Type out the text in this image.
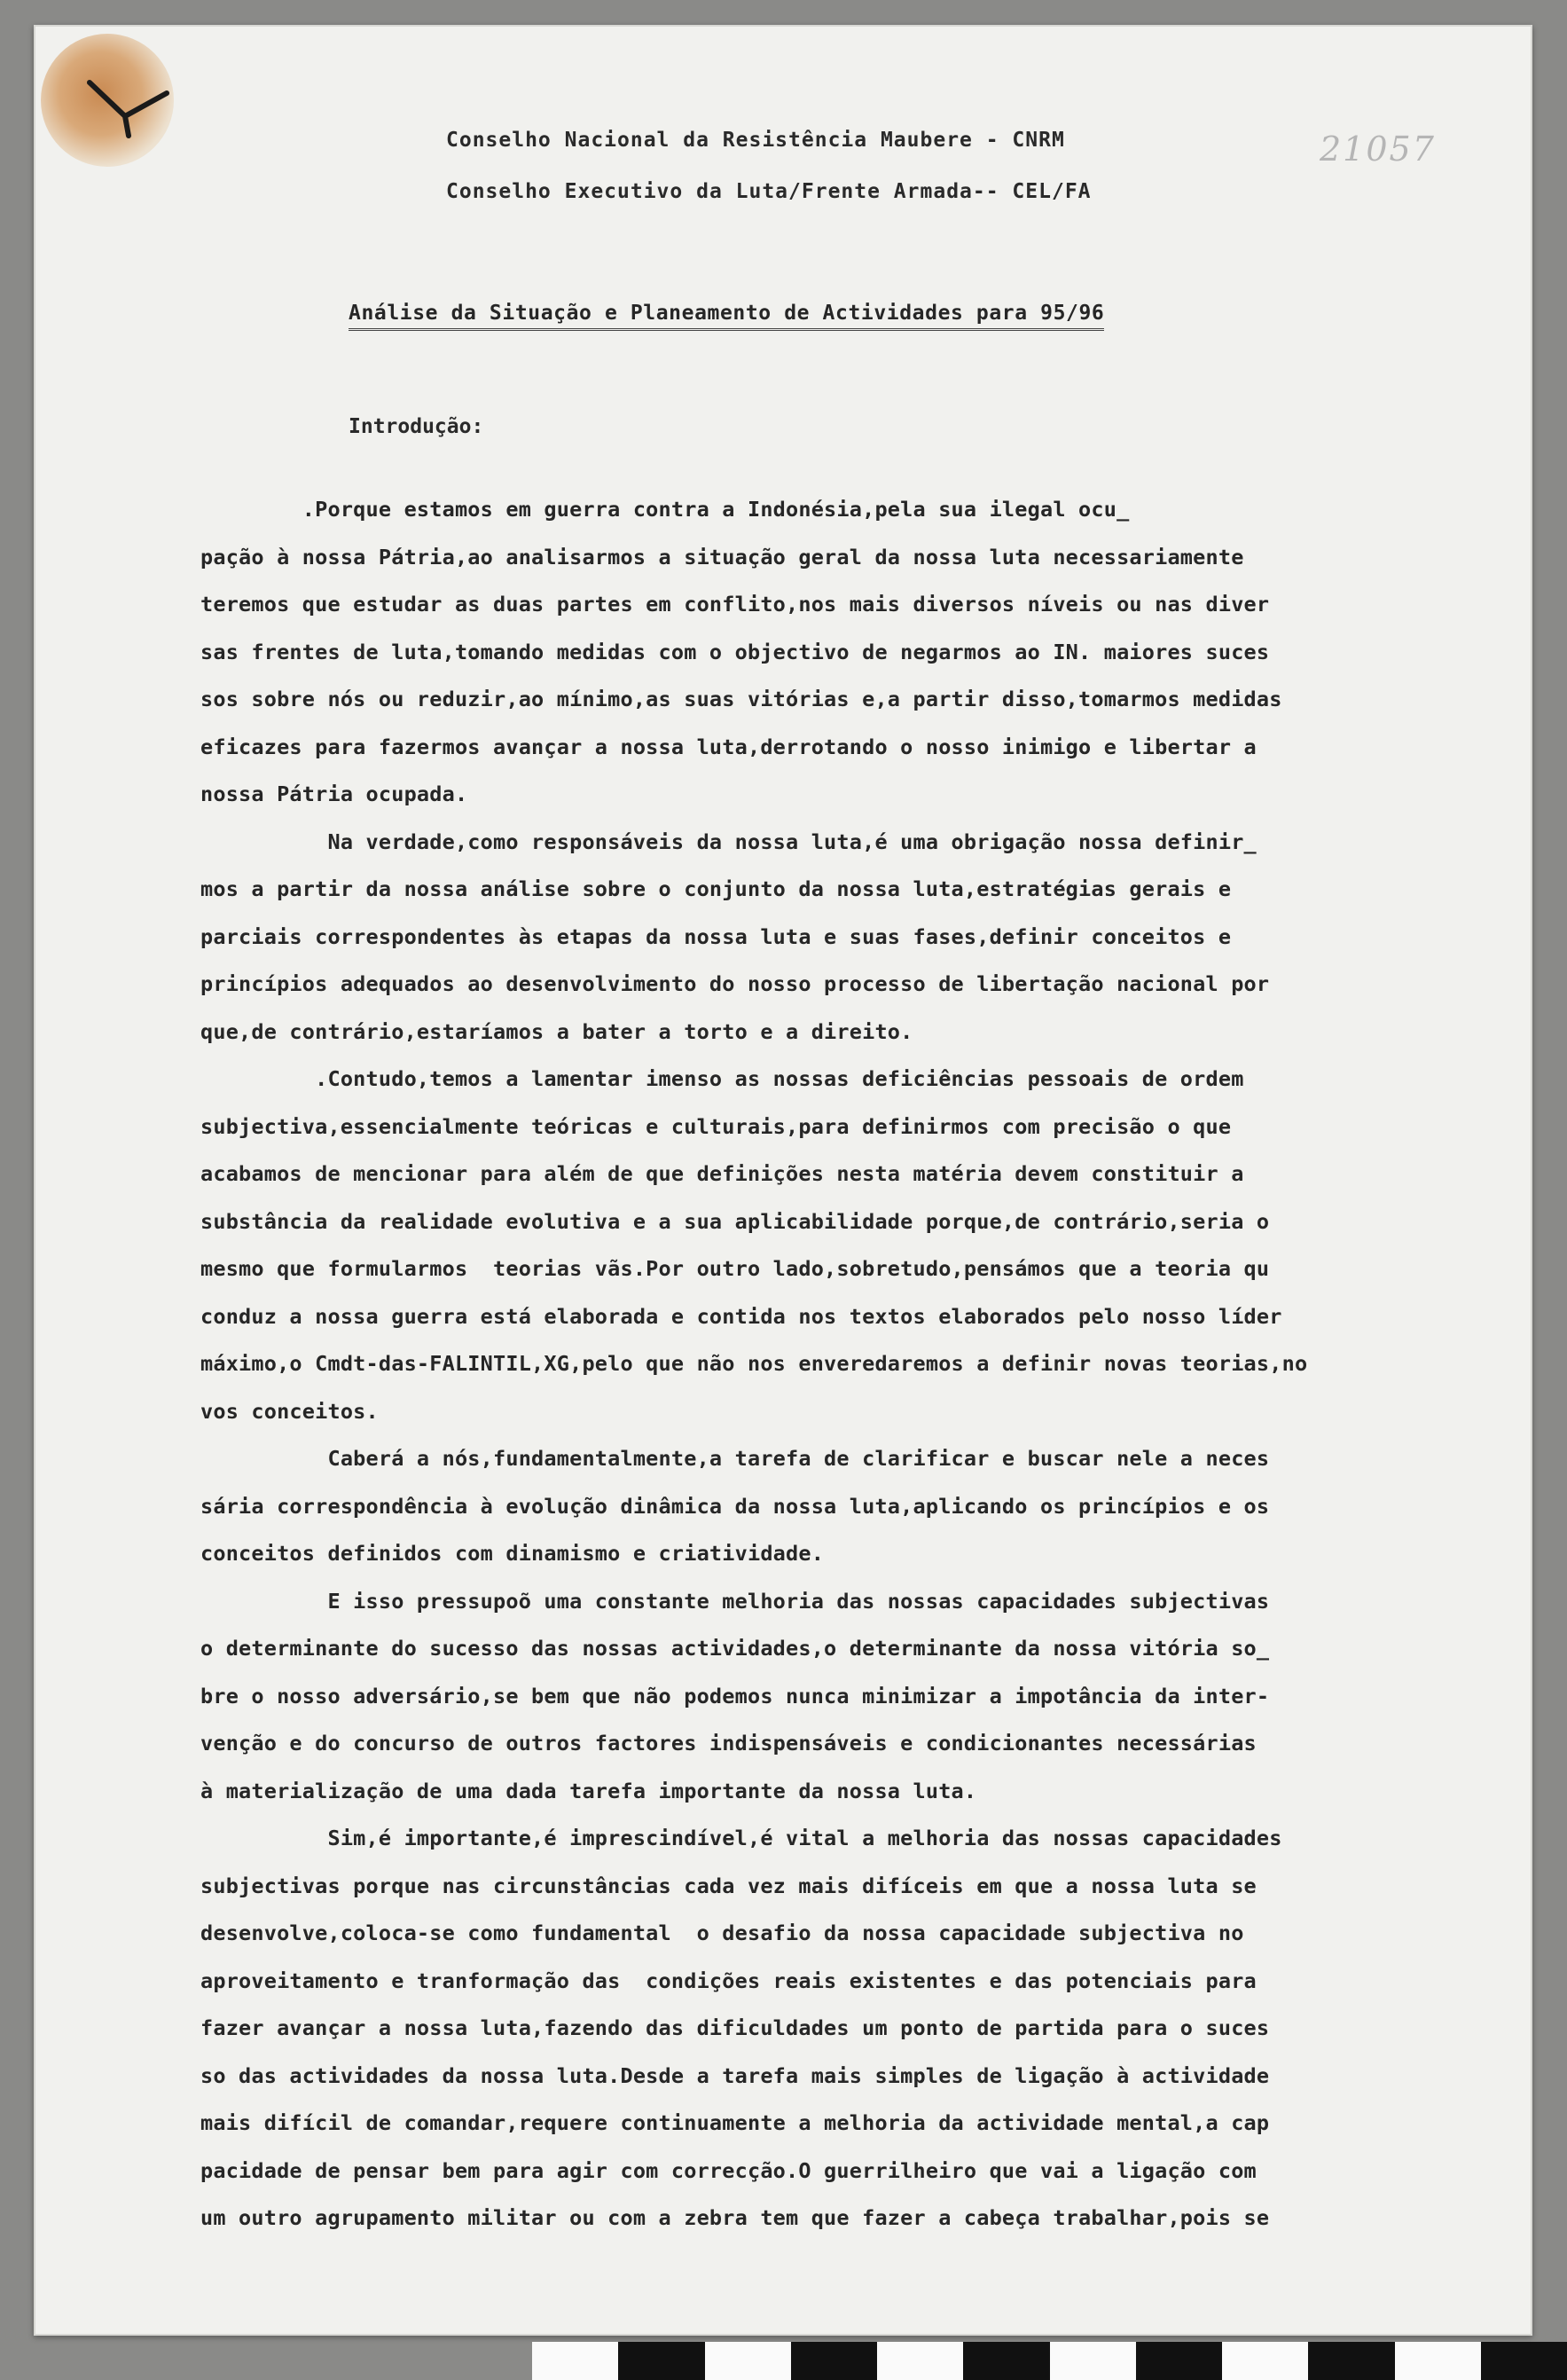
21057
Conselho Nacional da Resistência Maubere - CNRM
Conselho Executivo da Luta/Frente Armada-- CEL/FA
Análise da Situação e Planeamento de Actividades para 95/96
Introdução:
.Porque estamos em guerra contra a Indonésia,pela sua ilegal ocu_
pação à nossa Pátria,ao analisarmos a situação geral da nossa luta necessariamente
teremos que estudar as duas partes em conflito,nos mais diversos níveis ou nas diver
sas frentes de luta,tomando medidas com o objectivo de negarmos ao IN. maiores suces
sos sobre nós ou reduzir,ao mínimo,as suas vitórias e,a partir disso,tomarmos medidas
eficazes para fazermos avançar a nossa luta,derrotando o nosso inimigo e libertar a
nossa Pátria ocupada.
Na verdade,como responsáveis da nossa luta,é uma obrigação nossa definir_
mos a partir da nossa análise sobre o conjunto da nossa luta,estratégias gerais e
parciais correspondentes às etapas da nossa luta e suas fases,definir conceitos e
princípios adequados ao desenvolvimento do nosso processo de libertação nacional por
que,de contrário,estaríamos a bater a torto e a direito.
.Contudo,temos a lamentar imenso as nossas deficiências pessoais de ordem
subjectiva,essencialmente teóricas e culturais,para definirmos com precisão o que
acabamos de mencionar para além de que definições nesta matéria devem constituir a
substância da realidade evolutiva e a sua aplicabilidade porque,de contrário,seria o
mesmo que formularmos  teorias vãs.Por outro lado,sobretudo,pensámos que a teoria qu
conduz a nossa guerra está elaborada e contida nos textos elaborados pelo nosso líder
máximo,o Cmdt-das-FALINTIL,XG,pelo que não nos enveredaremos a definir novas teorias,no
vos conceitos.
Caberá a nós,fundamentalmente,a tarefa de clarificar e buscar nele a neces
sária correspondência à evolução dinâmica da nossa luta,aplicando os princípios e os
conceitos definidos com dinamismo e criatividade.
E isso pressupoõ uma constante melhoria das nossas capacidades subjectivas
o determinante do sucesso das nossas actividades,o determinante da nossa vitória so_
bre o nosso adversário,se bem que não podemos nunca minimizar a impotância da inter-
venção e do concurso de outros factores indispensáveis e condicionantes necessárias
à materialização de uma dada tarefa importante da nossa luta.
Sim,é importante,é imprescindível,é vital a melhoria das nossas capacidades
subjectivas porque nas circunstâncias cada vez mais difíceis em que a nossa luta se
desenvolve,coloca-se como fundamental  o desafio da nossa capacidade subjectiva no
aproveitamento e tranformação das  condições reais existentes e das potenciais para
fazer avançar a nossa luta,fazendo das dificuldades um ponto de partida para o suces
so das actividades da nossa luta.Desde a tarefa mais simples de ligação à actividade
mais difícil de comandar,requere continuamente a melhoria da actividade mental,a cap
pacidade de pensar bem para agir com correcção.O guerrilheiro que vai a ligação com
um outro agrupamento militar ou com a zebra tem que fazer a cabeça trabalhar,pois se
